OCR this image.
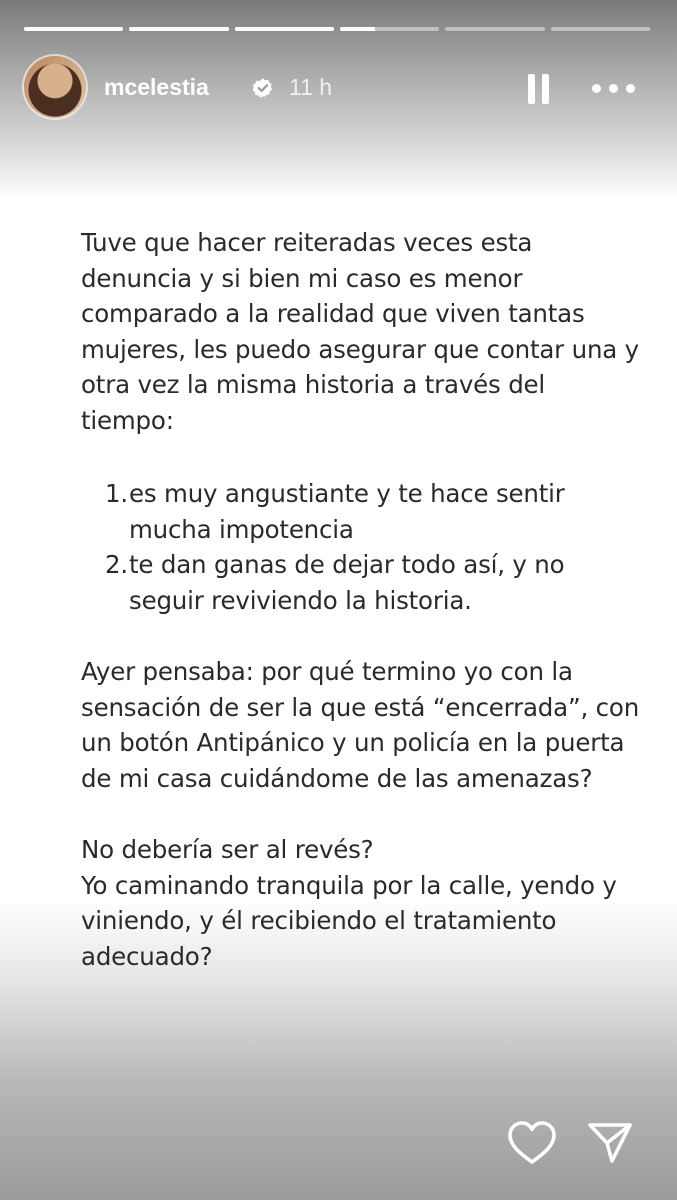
mcelestia	11 h

Tuve que hacer reiteradas veces esta denuncia y si bien mi caso es menor comparado a la realidad que viven tantas mujeres, les puedo asegurar que contar una y otra vez la misma historia a través del tiempo:

1. es muy angustiante y te hace sentir mucha impotencia
2. te dan ganas de dejar todo así, y no seguir reviviendo la historia.

Ayer pensaba: por qué termino yo con la sensación de ser la que está “encerrada”, con un botón Antipánico y un policía en la puerta de mi casa cuidándome de las amenazas?

No debería ser al revés?

Yo caminando tranquila por la calle, yendo y viniendo, y él recibiendo el tratamiento adecuado?
